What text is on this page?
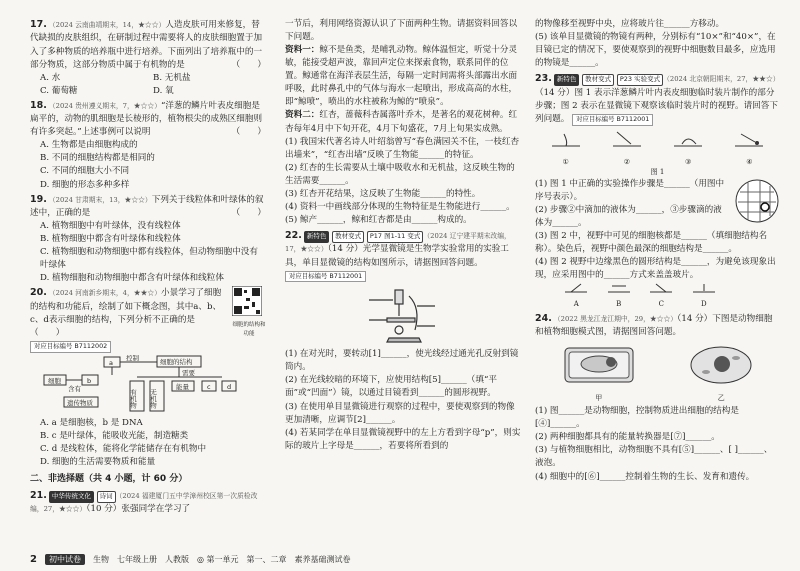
17. （2024 云南曲靖期末，14，★☆☆）人造皮肤可用来修复，替代缺损的皮肤组织，在研制过程中需要将人的皮肤细胞置于加入了多种物质的培养瓶中进行培养。下面列出了培养瓶中的一部分物质，这部分物质中属于有机物的是	（　　）
A. 水	B. 无机盐
C. 葡萄糖	D. 氧
18. （2024 贵州遵义期末，7，★☆☆）“洋葱的鳞片叶表皮细胞是扁平的，动物的肌细胞是长棱形的，植物根尖的成熟区细胞则有许多突起。”上述事例可以说明	（　　）
A. 生物都是由细胞构成的
B. 不同的细胞结构都是相同的
C. 不同的细胞大小不同
D. 细胞的形态多种多样
19. （2024 甘肃期末，13，★☆☆）下列关于线粒体和叶绿体的叙述中，正确的是	（　　）
A. 植物细胞中有叶绿体，没有线粒体
B. 植物细胞中都含有叶绿体和线粒体
C. 植物细胞和动物细胞中都有线粒体，但动物细胞中没有叶绿体
D. 植物细胞和动物细胞中都含有叶绿体和线粒体
20. （2024 河南新乡期末，4，★★☆）小景学习了细胞的结构和功能后，绘制了如下概念图，其中a、b、c、d表示细胞的结构，下列分析不正确的是（　　）
细胞的结构和功能
对应目标编号 B7112002
a
控制	细胞的结构
细胞
含有
b
遗传物质
需要
有机物 无机物
能量	c	d
A. a 是细胞核，b 是 DNA
B. c 是叶绿体，能吸收光能，制造糖类
C. d 是线粒体，能将化学能储存在有机物中
D. 细胞的生活需要物质和能量
二、非选择题（共 4 小题，计 60 分）
21. 中华传统文化 诗词 （2024 福建厦门五中学漳州校区第一次质检改编，27，★☆☆）（10 分）张强同学在学习了
一节后，利用网络资源认识了下面两种生物。请据资料回答以下问题。
资料一：鲸不是鱼类，是哺乳动物。鲸体温恒定，听觉十分灵敏，能接受超声波，靠回声定位来探索食物，联系同伴的位置。鲸通常在海洋表层生活，每隔一定时间需将头部露出水面呼吸，此时鼻孔中的气体与海水一起喷出，形成高高的水柱，即“鲸喷”，喷出的水柱被称为鲸的“喷泉”。
资料二：红杏，蔷薇科杏属落叶乔木，是著名的观花树种。红杏每年4月中下旬开花，4月下旬盛花，7月上旬果实成熟。
(1) 我国宋代著名诗人叶绍翁曾写“春色满园关不住，一枝红杏出墙来”，“红杏出墙”反映了生物能______的特征。
(2) 红杏的生长需要从土壤中吸收水和无机盐，这反映生物的生活需要______。
(3) 红杏开花结果，这反映了生物能______的特性。
(4) 资料一中画线部分体现的生物特征是生物能进行______。
(5) 鲸产______，鲸和红杏都是由______构成的。
22. 新特色 教材变式 P17 图1-11 变式 （2024 辽宁建平期末改编，17，★☆☆）（14 分）光学显微镜是生物学实验常用的实验工具，单目显微镜的结构如图所示，请据图回答问题。 对应目标编号 B7112001
(1) 在对光时，要转动[1]______，使光线经过通光孔反射到镜筒内。
(2) 在光线较暗的环境下，应使用结构[5]______（填“平面”或“凹面”）镜，以通过目镜看到______的圆形视野。
(3) 在使用单目显微镜进行观察的过程中，要使观察到的物像更加清晰，应调节[2]______。
(4) 若某同学在单目显微镜视野中的左上方看到字母“p”，则实际的玻片上字母是______，若要将所看到的
的物像移至视野中央，应将玻片往______方移动。
(5) 该单目显微镜的物镜有两种，分别标有“10×”和“40×”，在目镜已定的情况下，要使观察到的视野中细胞数目最多，应选用的物镜是______。
23. 新特色 教材变式 P23 实验变式 （2024 北京朝阳期末，27，★★☆）（14 分）图 1 表示洋葱鳞片叶内表皮细胞临时装片制作的部分步骤；图 2 表示在显微镜下观察该临时装片时的视野。请回答下列问题。 对应目标编号 B7112001
①	②	③	④
图 1
(1) 图 1 中正确的实验操作步骤是______（用图中序号表示）。
(2) 步骤②中滴加的液体为______，③步骤滴的液体为______。
(3) 图 2 中，视野中可见的细胞核都是______（填细胞结构名称）。染色后，视野中颜色最深的细胞结构是______。
(4) 图 2 视野中边缘黑色的圆形结构是______，为避免该现象出现，应采用图中的______方式来盖盖玻片。
A	B	C	D
24. （2022 黑龙江龙江期中，29，★☆☆）（14 分）下图是动物细胞和植物细胞模式图，请据图回答问题。
甲	乙
(1) 图______是动物细胞，控制物质进出细胞的结构是[④]______。
(2) 两种细胞都具有的能量转换器是[⑦]______。
(3) 与植物细胞相比，动物细胞不具有[⑤]______、[ ]______、液泡。
(4) 细胞中的[⑥]______控制着生物的生长、发育和遗传。
2	初中试卷	生物 七年级上册 人教版 ◎ 第一单元 第一、二章 素养基础测试卷
